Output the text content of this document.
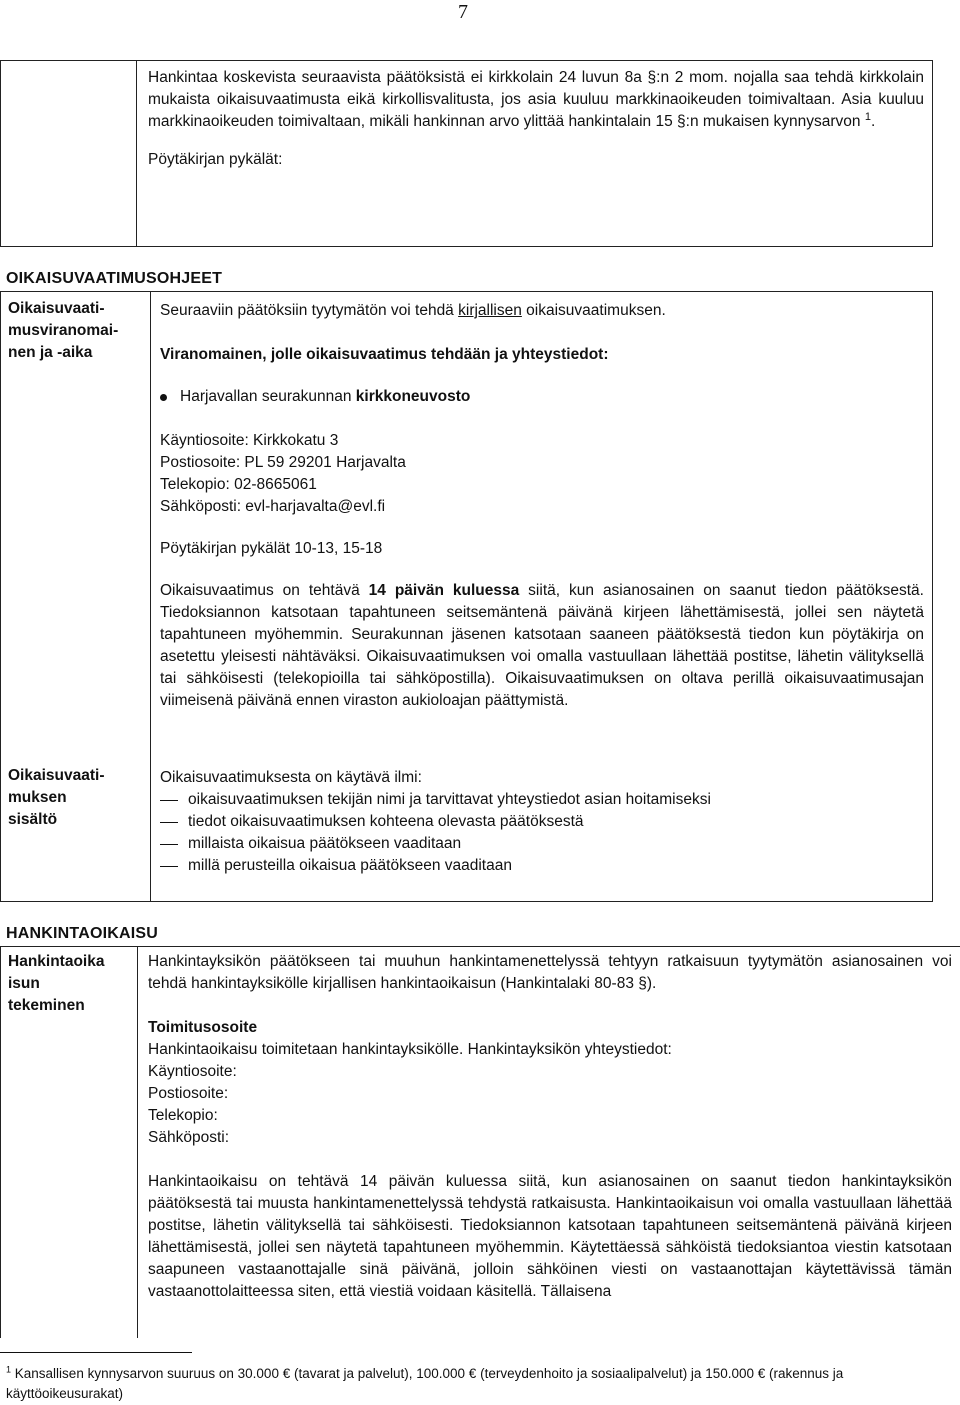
7

Hankintaa koskevista seuraavista päätöksistä ei kirkkolain 24 luvun 8a §:n 2 mom. nojalla saa tehdä kirkkolain mukaista oikaisuvaatimusta eikä kirkollisvalitusta, jos asia kuuluu markkinaoikeuden toimivaltaan. Asia kuuluu markkinaoikeuden toimivaltaan, mikäli hankinnan arvo ylittää hankintalain 15 §:n mukaisen kynnysarvon $^1$.

Pöytäkirjan pykälät:

OIKAISUVAATIMUSOHJEET
Oikaisuvaati-
musviranomai-
nen ja -aika

Seuraaviin päätöksiin tyytymätön voi tehdä kirjallisen oikaisuvaatimuksen.

Viranomainen, jolle oikaisuvaatimus tehdään ja yhteystiedot:

Harjavallan seurakunnan kirkkoneuvosto

Käyntiosoite: Kirkkokatu 3

Postiosoite: PL 59 29201 Harjavalta

Telekopio: 02-8665061

Sähköposti: evl-harjavalta@evl.fi

Pöytäkirjan pykälät 10-13, 15-18

Oikaisuvaatimus on tehtävä 14 päivän kuluessa siitä, kun asianosainen on saanut tiedon päätöksestä. Tiedoksiannon katsotaan tapahtuneen seitsemäntenä päivänä kirjeen lähettämisestä, jollei sen näytetä tapahtuneen myöhemmin. Seurakunnan jäsenen katsotaan saaneen päätöksestä tiedon kun pöytäkirja on asetettu yleisesti nähtäväksi. Oikaisuvaatimuksen voi omalla vastuullaan lähettää postitse, lähetin välityksellä tai sähköisesti (telekopioilla tai sähköpostilla). Oikaisuvaatimuksen on oltava perillä oikaisuvaatimusajan viimeisenä päivänä ennen viraston aukioloajan päättymistä.

Oikaisuvaati-
muksen
sisältö

Oikaisuvaatimuksesta on käytävä ilmi:

oikaisuvaatimuksen tekijän nimi ja tarvittavat yhteystiedot asian hoitamiseksi
tiedot oikaisuvaatimuksen kohteena olevasta päätöksestä
millaista oikaisua päätökseen vaaditaan
millä perusteilla oikaisua päätökseen vaaditaan
HANKINTAOIKAISU
Hankintaoika
isun
tekeminen

Hankintayksikön päätökseen tai muuhun hankintamenettelyssä tehtyyn ratkaisuun tyytymätön asianosainen voi tehdä hankintayksikölle kirjallisen hankintaoikaisun (Hankintalaki 80-83 §).

Toimitusosoite

Hankintaoikaisu toimitetaan hankintayksikölle. Hankintayksikön yhteystiedot:

Käyntiosoite:

Postiosoite:

Telekopio:

Sähköposti:

Hankintaoikaisu on tehtävä 14 päivän kuluessa siitä, kun asianosainen on saanut tiedon hankintayksikön päätöksestä tai muusta hankintamenettelyssä tehdystä ratkaisusta. Hankintaoikaisun voi omalla vastuullaan lähettää postitse, lähetin välityksellä tai sähköisesti. Tiedoksiannon katsotaan tapahtuneen seitsemäntenä päivänä kirjeen lähettämisestä, jollei sen näytetä tapahtuneen myöhemmin. Käytettäessä sähköistä tiedoksiantoa viestin katsotaan saapuneen vastaanottajalle sinä päivänä, jolloin sähköinen viesti on vastaanottajan käytettävissä tämän vastaanottolaitteessa siten, että viestiä voidaan käsitellä. Tällaisena

$^1$ Kansallisen kynnysarvon suuruus on 30.000 € (tavarat ja palvelut), 100.000 € (terveydenhoito ja sosiaalipalvelut) ja 150.000 € (rakennus ja käyttöoikeusurakat)
